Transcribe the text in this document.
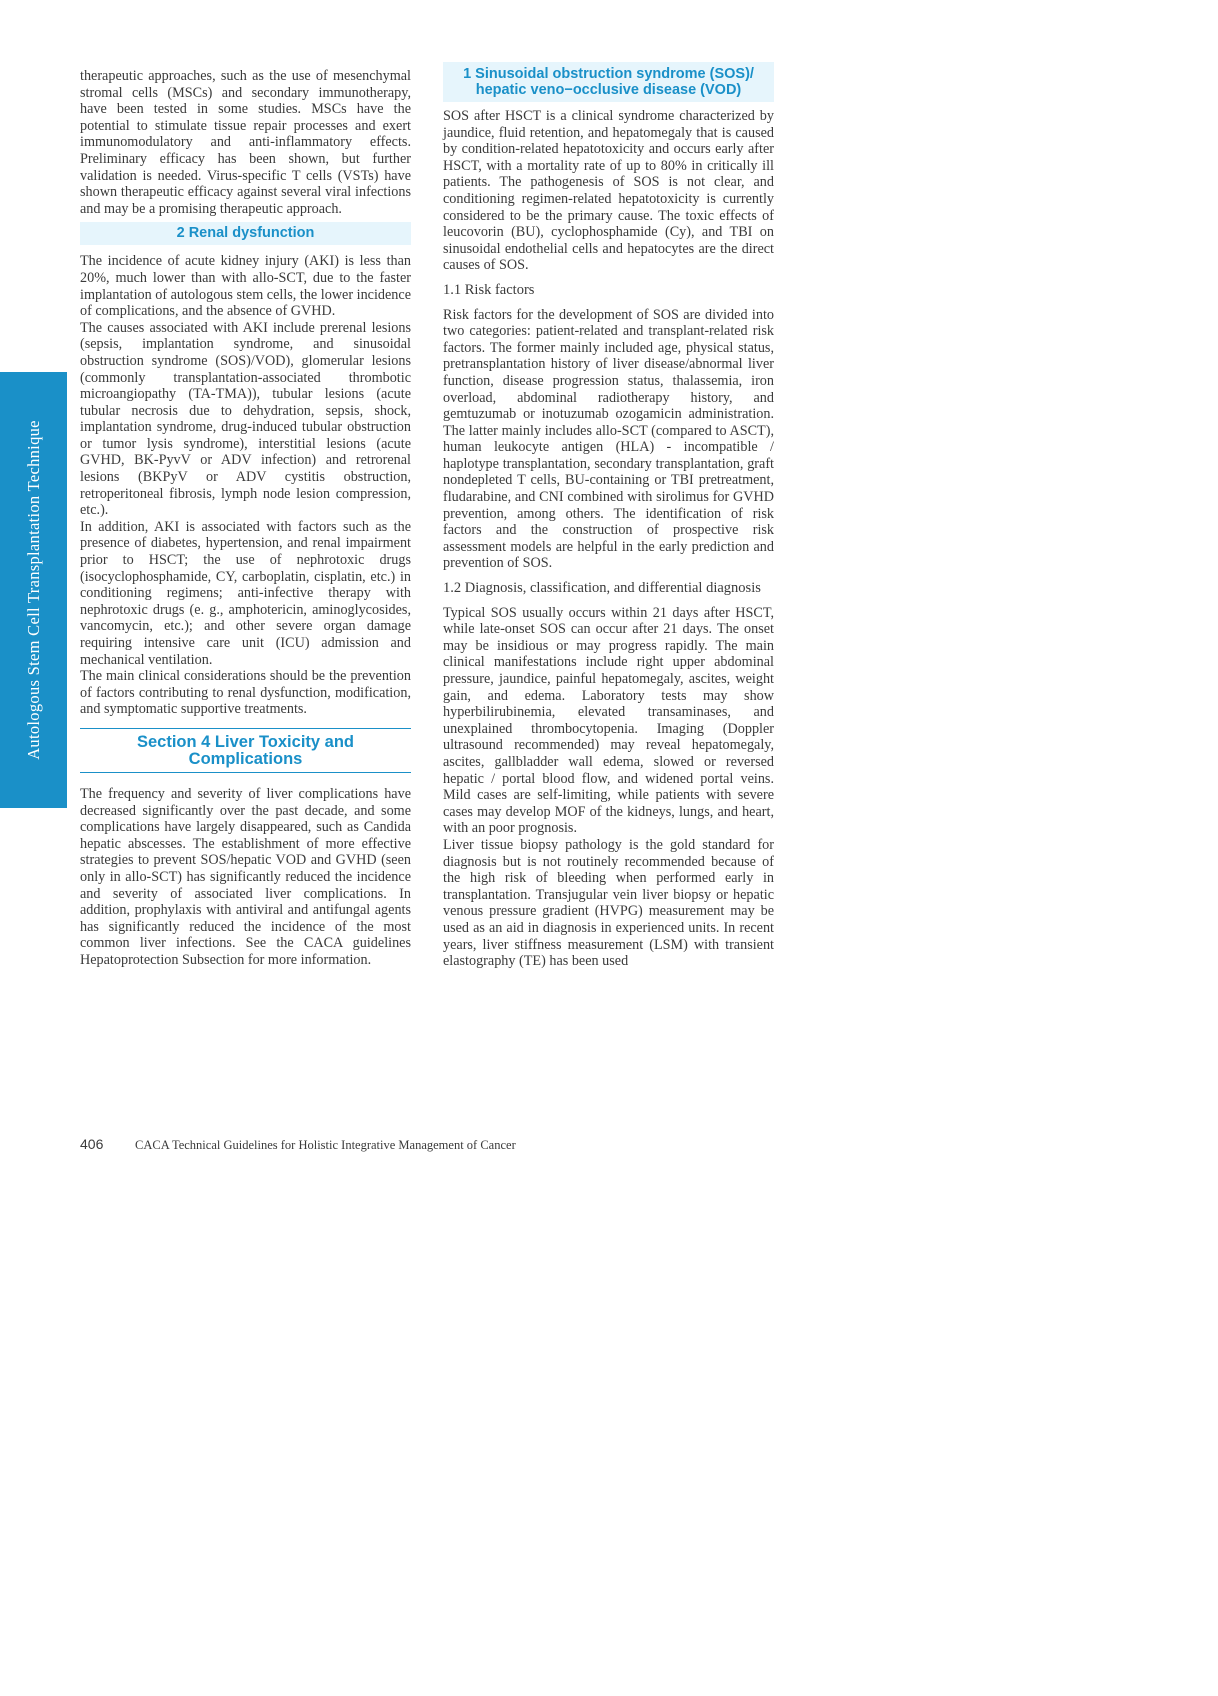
Autologous Stem Cell Transplantation Technique

therapeutic approaches, such as the use of mesenchymal stromal cells (MSCs) and secondary immunotherapy, have been tested in some studies. MSCs have the potential to stimulate tissue repair processes and exert immunomodulatory and anti-inflammatory effects. Preliminary efficacy has been shown, but further validation is needed. Virus-specific T cells (VSTs) have shown therapeutic efficacy against several viral infections and may be a promising therapeutic approach.

2 Renal dysfunction

The incidence of acute kidney injury (AKI) is less than 20%, much lower than with allo-SCT, due to the faster implantation of autologous stem cells, the lower incidence of complications, and the absence of GVHD.

The causes associated with AKI include prerenal lesions (sepsis, implantation syndrome, and sinusoidal obstruction syndrome (SOS)/VOD), glomerular lesions (commonly transplantation-associated thrombotic microangiopathy (TA-TMA)), tubular lesions (acute tubular necrosis due to dehydration, sepsis, shock, implantation syndrome, drug-induced tubular obstruction or tumor lysis syndrome), interstitial lesions (acute GVHD, BK-PyvV or ADV infection) and retrorenal lesions (BKPyV or ADV cystitis obstruction, retroperitoneal fibrosis, lymph node lesion compression, etc.).

In addition, AKI is associated with factors such as the presence of diabetes, hypertension, and renal impairment prior to HSCT; the use of nephrotoxic drugs (isocyclophosphamide, CY, carboplatin, cisplatin, etc.) in conditioning regimens; anti-infective therapy with nephrotoxic drugs (e. g., amphotericin, aminoglycosides, vancomycin, etc.); and other severe organ damage requiring intensive care unit (ICU) admission and mechanical ventilation.

The main clinical considerations should be the prevention of factors contributing to renal dysfunction, modification, and symptomatic supportive treatments.

Section 4 Liver Toxicity and
Complications

The frequency and severity of liver complications have decreased significantly over the past decade, and some complications have largely disappeared, such as Candida hepatic abscesses. The establishment of more effective strategies to prevent SOS/hepatic VOD and GVHD (seen only in allo-SCT) has significantly reduced the incidence and severity of associated liver complications. In addition, prophylaxis with antiviral and antifungal agents has significantly reduced the incidence of the most common liver infections. See the CACA guidelines Hepatoprotection Subsection for more information.

1 Sinusoidal obstruction syndrome (SOS)/
hepatic veno−occlusive disease (VOD)

SOS after HSCT is a clinical syndrome characterized by jaundice, fluid retention, and hepatomegaly that is caused by condition-related hepatotoxicity and occurs early after HSCT, with a mortality rate of up to 80% in critically ill patients. The pathogenesis of SOS is not clear, and conditioning regimen-related hepatotoxicity is currently considered to be the primary cause. The toxic effects of leucovorin (BU), cyclophosphamide (Cy), and TBI on sinusoidal endothelial cells and hepatocytes are the direct causes of SOS.

1.1 Risk factors

Risk factors for the development of SOS are divided into two categories: patient-related and transplant-related risk factors. The former mainly included age, physical status, pretransplantation history of liver disease/abnormal liver function, disease progression status, thalassemia, iron overload, abdominal radiotherapy history, and gemtuzumab or inotuzumab ozogamicin administration. The latter mainly includes allo-SCT (compared to ASCT), human leukocyte antigen (HLA) - incompatible / haplotype transplantation, secondary transplantation, graft nondepleted T cells, BU-containing or TBI pretreatment, fludarabine, and CNI combined with sirolimus for GVHD prevention, among others. The identification of risk factors and the construction of prospective risk assessment models are helpful in the early prediction and prevention of SOS.

1.2 Diagnosis, classification, and differential diagnosis

Typical SOS usually occurs within 21 days after HSCT, while late-onset SOS can occur after 21 days. The onset may be insidious or may progress rapidly. The main clinical manifestations include right upper abdominal pressure, jaundice, painful hepatomegaly, ascites, weight gain, and edema. Laboratory tests may show hyperbilirubinemia, elevated transaminases, and unexplained thrombocytopenia. Imaging (Doppler ultrasound recommended) may reveal hepatomegaly, ascites, gallbladder wall edema, slowed or reversed hepatic / portal blood flow, and widened portal veins. Mild cases are self-limiting, while patients with severe cases may develop MOF of the kidneys, lungs, and heart, with an poor prognosis.

Liver tissue biopsy pathology is the gold standard for diagnosis but is not routinely recommended because of the high risk of bleeding when performed early in transplantation. Transjugular vein liver biopsy or hepatic venous pressure gradient (HVPG) measurement may be used as an aid in diagnosis in experienced units. In recent years, liver stiffness measurement (LSM) with transient elastography (TE) has been used

406	CACA Technical Guidelines for Holistic Integrative Management of Cancer
